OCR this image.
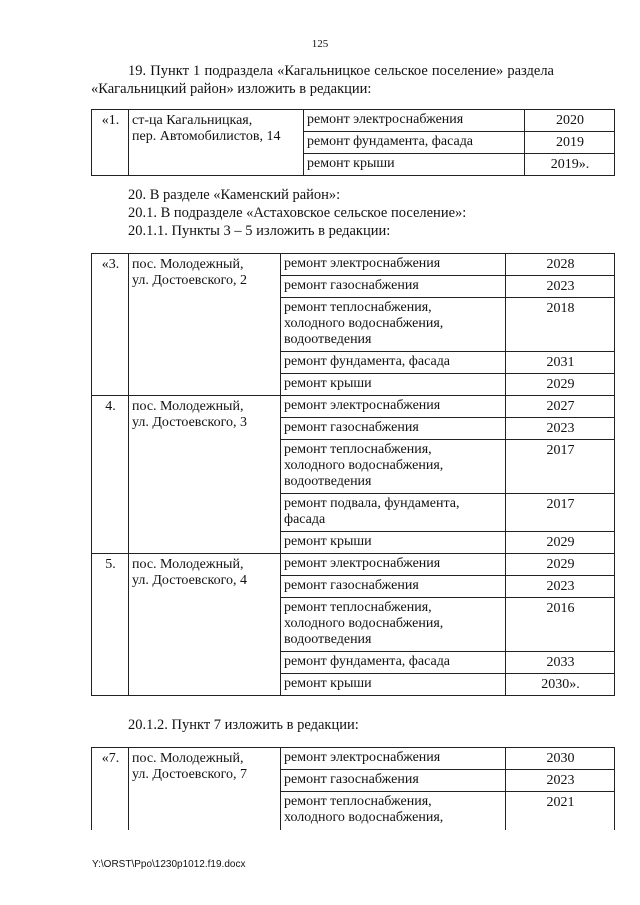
125
19. Пункт 1 подраздела «Кагальницкое сельское поселение» раздела
«Кагальницкий район» изложить в редакции:
«1.	ст-ца Кагальницкая,
пер. Автомобилистов, 14	ремонт электроснабжения	2020
		ремонт фундамента, фасада	2019
		ремонт крыши	2019».
20. В разделе «Каменский район»:
20.1. В подразделе «Астаховское сельское поселение»:
20.1.1. Пункты 3 – 5 изложить в редакции:
«3.	пос. Молодежный,
ул. Достоевского, 2	ремонт электроснабжения	2028

		ремонт газоснабжения	2023

		ремонт теплоснабжения,
холодного водоснабжения,
водоотведения	2018

		ремонт фундамента, фасада	2031

		ремонт крыши	2029
4.	пос. Молодежный,
ул. Достоевского, 3	ремонт электроснабжения	2027

		ремонт газоснабжения	2023

		ремонт теплоснабжения,
холодного водоснабжения,
водоотведения	2017

		ремонт подвала, фундамента,
фасада	2017

		ремонт крыши	2029
5.	пос. Молодежный,
ул. Достоевского, 4	ремонт электроснабжения	2029

		ремонт газоснабжения	2023

		ремонт теплоснабжения,
холодного водоснабжения,
водоотведения	2016

		ремонт фундамента, фасада	2033

		ремонт крыши	2030».
20.1.2. Пункт 7 изложить в редакции:
«7.	пос. Молодежный,
ул. Достоевского, 7	ремонт электроснабжения	2030

		ремонт газоснабжения	2023

		ремонт теплоснабжения,
холодного водоснабжения,	2021
Y:\ORST\Ppo\1230p1012.f19.docx
